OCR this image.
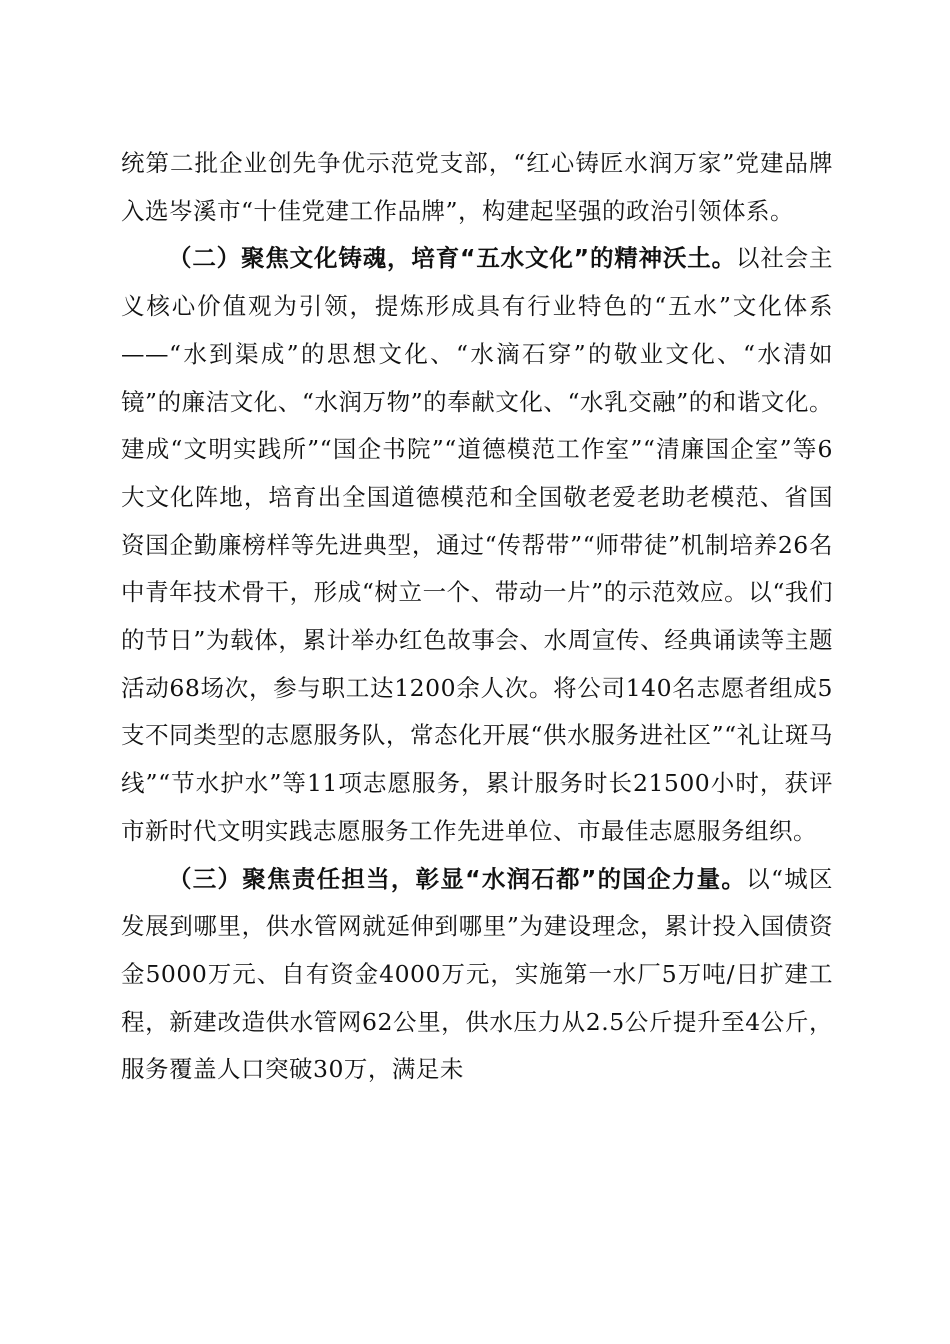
统第二批企业创先争优示范党支部，“红心铸匠水润万家”党建品牌入选岑溪市“十佳党建工作品牌”，构建起坚强的政治引领体系。

（二）聚焦文化铸魂，培育“五水文化”的精神沃土。以社会主义核心价值观为引领，提炼形成具有行业特色的“五水”文化体系——“水到渠成”的思想文化、“水滴石穿”的敬业文化、“水清如镜”的廉洁文化、“水润万物”的奉献文化、“水乳交融”的和谐文化。建成“文明实践所”“国企书院”“道德模范工作室”“清廉国企室”等6大文化阵地，培育出全国道德模范和全国敬老爱老助老模范、省国资国企勤廉榜样等先进典型，通过“传帮带”“师带徒”机制培养26名中青年技术骨干，形成“树立一个、带动一片”的示范效应。以“我们的节日”为载体，累计举办红色故事会、水周宣传、经典诵读等主题活动68场次，参与职工达1200余人次。将公司140名志愿者组成5支不同类型的志愿服务队，常态化开展“供水服务进社区”“礼让斑马线”“节水护水”等11项志愿服务，累计服务时长21500小时，获评市新时代文明实践志愿服务工作先进单位、市最佳志愿服务组织。

（三）聚焦责任担当，彰显“水润石都”的国企力量。以“城区发展到哪里，供水管网就延伸到哪里”为建设理念，累计投入国债资金5000万元、自有资金4000万元，实施第一水厂5万吨/日扩建工程，新建改造供水管网62公里，供水压力从2.5公斤提升至4公斤，服务覆盖人口突破30万，满足未
